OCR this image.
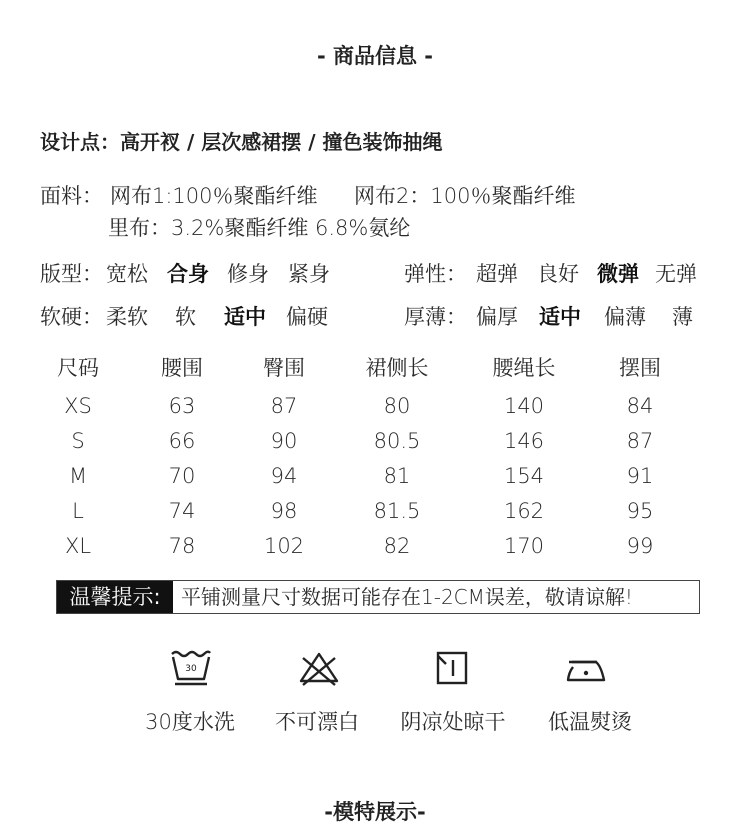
- 商品信息 -
设计点：高开衩 / 层次感裙摆 / 撞色装饰抽绳
面料： 网布1:100％聚酯纤维 网布2：100％聚酯纤维
里布：3.2%聚酯纤维 6.8%氨纶
版型： 宽松 合身 修身 紧身	弹性： 超弹 良好 微弹 无弹
软硬： 柔软 软 适中 偏硬	厚薄： 偏厚 适中 偏薄 薄
尺码	腰围	臀围	裙侧长	腰绳长	摆围
XS	63	87	80	140	84
S	66	90	80.5	146	87
M	70	94	81	154	91
L	74	98	81.5	162	95
XL	78	102	82	170	99
温馨提示:	平铺测量尺寸数据可能存在1-2CM误差，敬请谅解!
30
30度水洗	不可漂白	阴凉处晾干	低温熨烫
-模特展示-
